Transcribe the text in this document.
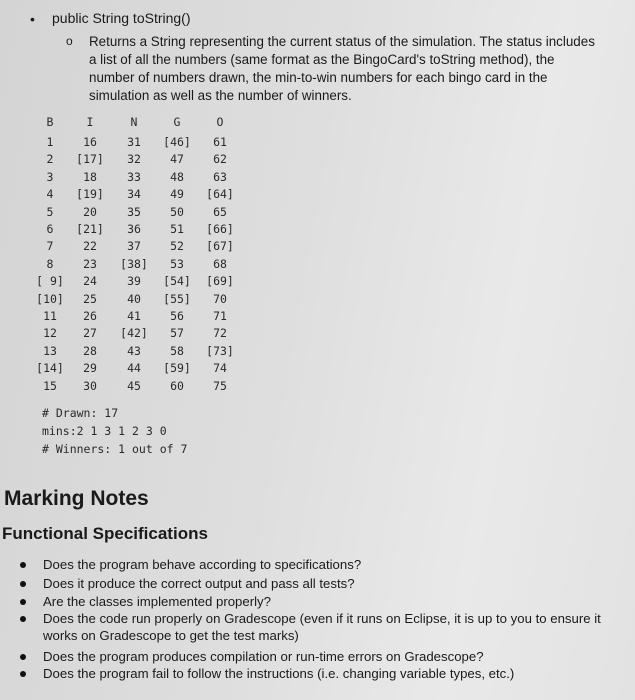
• public String toString()
o Returns a String representing the current status of the simulation. The status includes a list of all the numbers (same format as the BingoCard's toString method), the number of numbers drawn, the min-to-win numbers for each bingo card in the simulation as well as the number of winners.
B	I	N	G	O
1	16	31	[46]	61
2	[17]	32	47	62
3	18	33	48	63
4	[19]	34	49	[64]
5	20	35	50	65
6	[21]	36	51	[66]
7	22	37	52	[67]
8	23	[38]	53	68
[ 9]	24	39	[54]	[69]
[10]	25	40	[55]	70
11	26	41	56	71
12	27	[42]	57	72
13	28	43	58	[73]
[14]	29	44	[59]	74
15	30	45	60	75
# Drawn: 17
mins:2 1 3 1 2 3 0
# Winners: 1 out of 7
Marking Notes
Functional Specifications
Does the program behave according to specifications?
Does it produce the correct output and pass all tests?
Are the classes implemented properly?
Does the code run properly on Gradescope (even if it runs on Eclipse, it is up to you to ensure it works on Gradescope to get the test marks)
Does the program produces compilation or run-time errors on Gradescope?
Does the program fail to follow the instructions (i.e. changing variable types, etc.)
